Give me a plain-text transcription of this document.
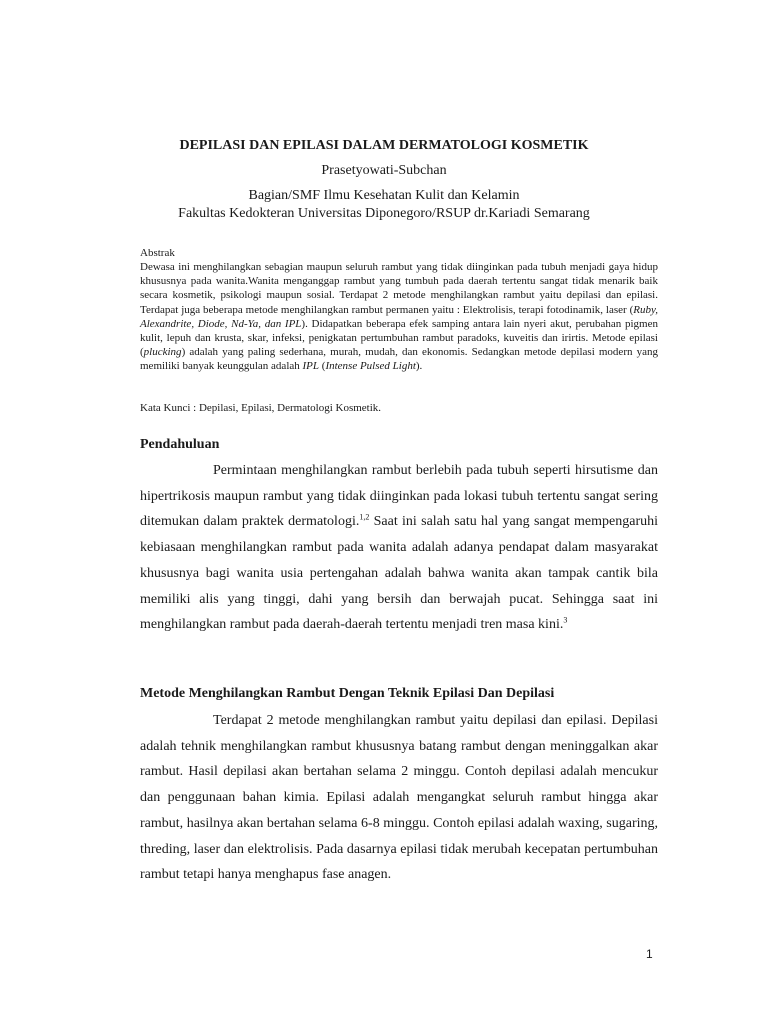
DEPILASI DAN EPILASI DALAM DERMATOLOGI KOSMETIK
Prasetyowati-Subchan
Bagian/SMF Ilmu Kesehatan Kulit dan Kelamin
Fakultas Kedokteran Universitas Diponegoro/RSUP dr.Kariadi Semarang
Abstrak

Dewasa ini menghilangkan sebagian maupun seluruh rambut yang tidak diinginkan pada tubuh menjadi gaya hidup khususnya pada wanita.Wanita menganggap rambut yang tumbuh pada daerah tertentu sangat tidak menarik baik secara kosmetik, psikologi maupun sosial. Terdapat 2 metode menghilangkan rambut yaitu depilasi dan epilasi. Terdapat juga beberapa metode menghilangkan rambut permanen yaitu : Elektrolisis, terapi fotodinamik, laser (Ruby, Alexandrite, Diode, Nd-Ya, dan IPL). Didapatkan beberapa efek samping antara lain nyeri akut, perubahan pigmen kulit, lepuh dan krusta, skar, infeksi, penigkatan pertumbuhan rambut paradoks, kuveitis dan irirtis. Metode epilasi (plucking) adalah yang paling sederhana, murah, mudah, dan ekonomis. Sedangkan metode depilasi modern yang memiliki banyak keunggulan adalah IPL (Intense Pulsed Light).

Kata Kunci : Depilasi, Epilasi, Dermatologi Kosmetik.
Pendahuluan

Permintaan menghilangkan rambut berlebih pada tubuh seperti hirsutisme dan hipertrikosis maupun rambut yang tidak diinginkan pada lokasi tubuh tertentu sangat sering ditemukan dalam praktek dermatologi.$^{1,2}$ Saat ini salah satu hal yang sangat mempengaruhi kebiasaan menghilangkan rambut pada wanita adalah adanya pendapat dalam masyarakat khususnya bagi wanita usia pertengahan adalah bahwa wanita akan tampak cantik bila memiliki alis yang tinggi, dahi yang bersih dan berwajah pucat. Sehingga saat ini menghilangkan rambut pada daerah-daerah tertentu menjadi tren masa kini.$^3$

Metode Menghilangkan Rambut Dengan Teknik Epilasi Dan Depilasi

Terdapat 2 metode menghilangkan rambut yaitu depilasi dan epilasi. Depilasi adalah tehnik menghilangkan rambut khususnya batang rambut dengan meninggalkan akar rambut. Hasil depilasi akan bertahan selama 2 minggu. Contoh depilasi adalah mencukur dan penggunaan bahan kimia. Epilasi adalah mengangkat seluruh rambut hingga akar rambut, hasilnya akan bertahan selama 6-8 minggu. Contoh epilasi adalah waxing, sugaring, threding, laser dan elektrolisis. Pada dasarnya epilasi tidak merubah kecepatan pertumbuhan rambut tetapi hanya menghapus fase anagen.

1
